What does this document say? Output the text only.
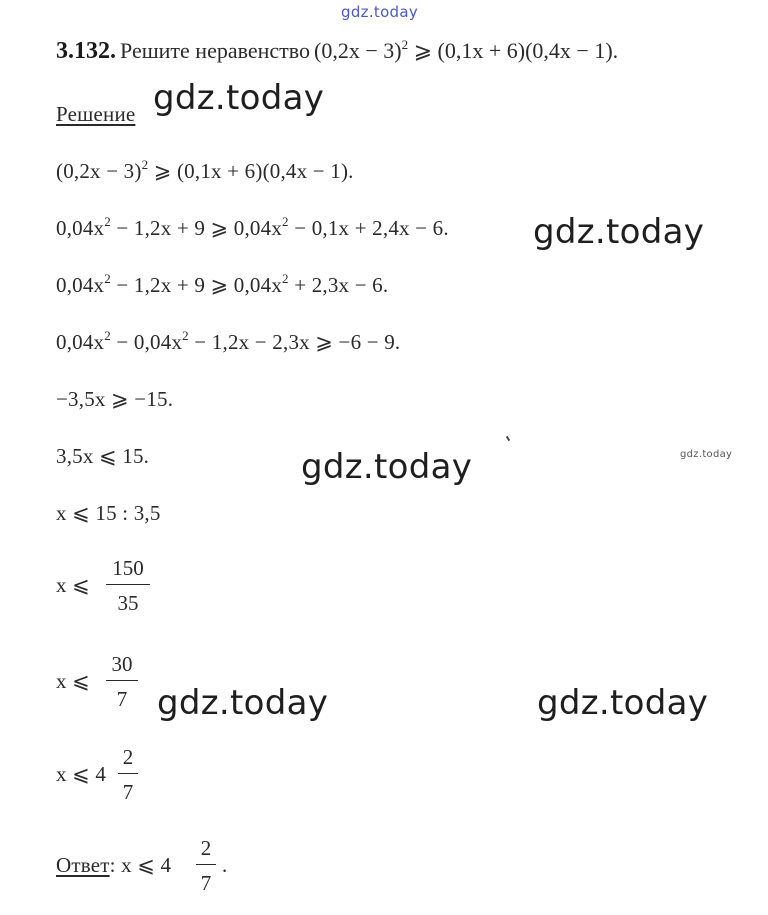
gdz.today
3.132. Решите неравенство $(0,2x - 3)^2$ ⩾ (0,1x + 6)(0,4x − 1).
Решение gdz.today
$(0,2x - 3)^2$ ⩾ (0,1x + 6)(0,4x − 1).
$0,04x^2 - 1,2x + 9$ ⩾ $0,04x^2 - 0,1x + 2,4x - 6$. gdz.today
$0,04x^2 - 1,2x + 9$ ⩾ $0,04x^2 + 2,3x - 6$.
$0,04x^2 - 0,04x^2 - 1,2x - 2,3x$ ⩾ −6 − 9.
−3,5x ⩾ −15.
gdz.today
3,5x ⩽ 15.	gdz.today
x ⩽ 15 : 3,5
x ⩽
150
35
x ⩽
30
7 gdz.today	gdz.today
x ⩽ 4
2
7
Ответ: x ⩽ 4
2
7
.
